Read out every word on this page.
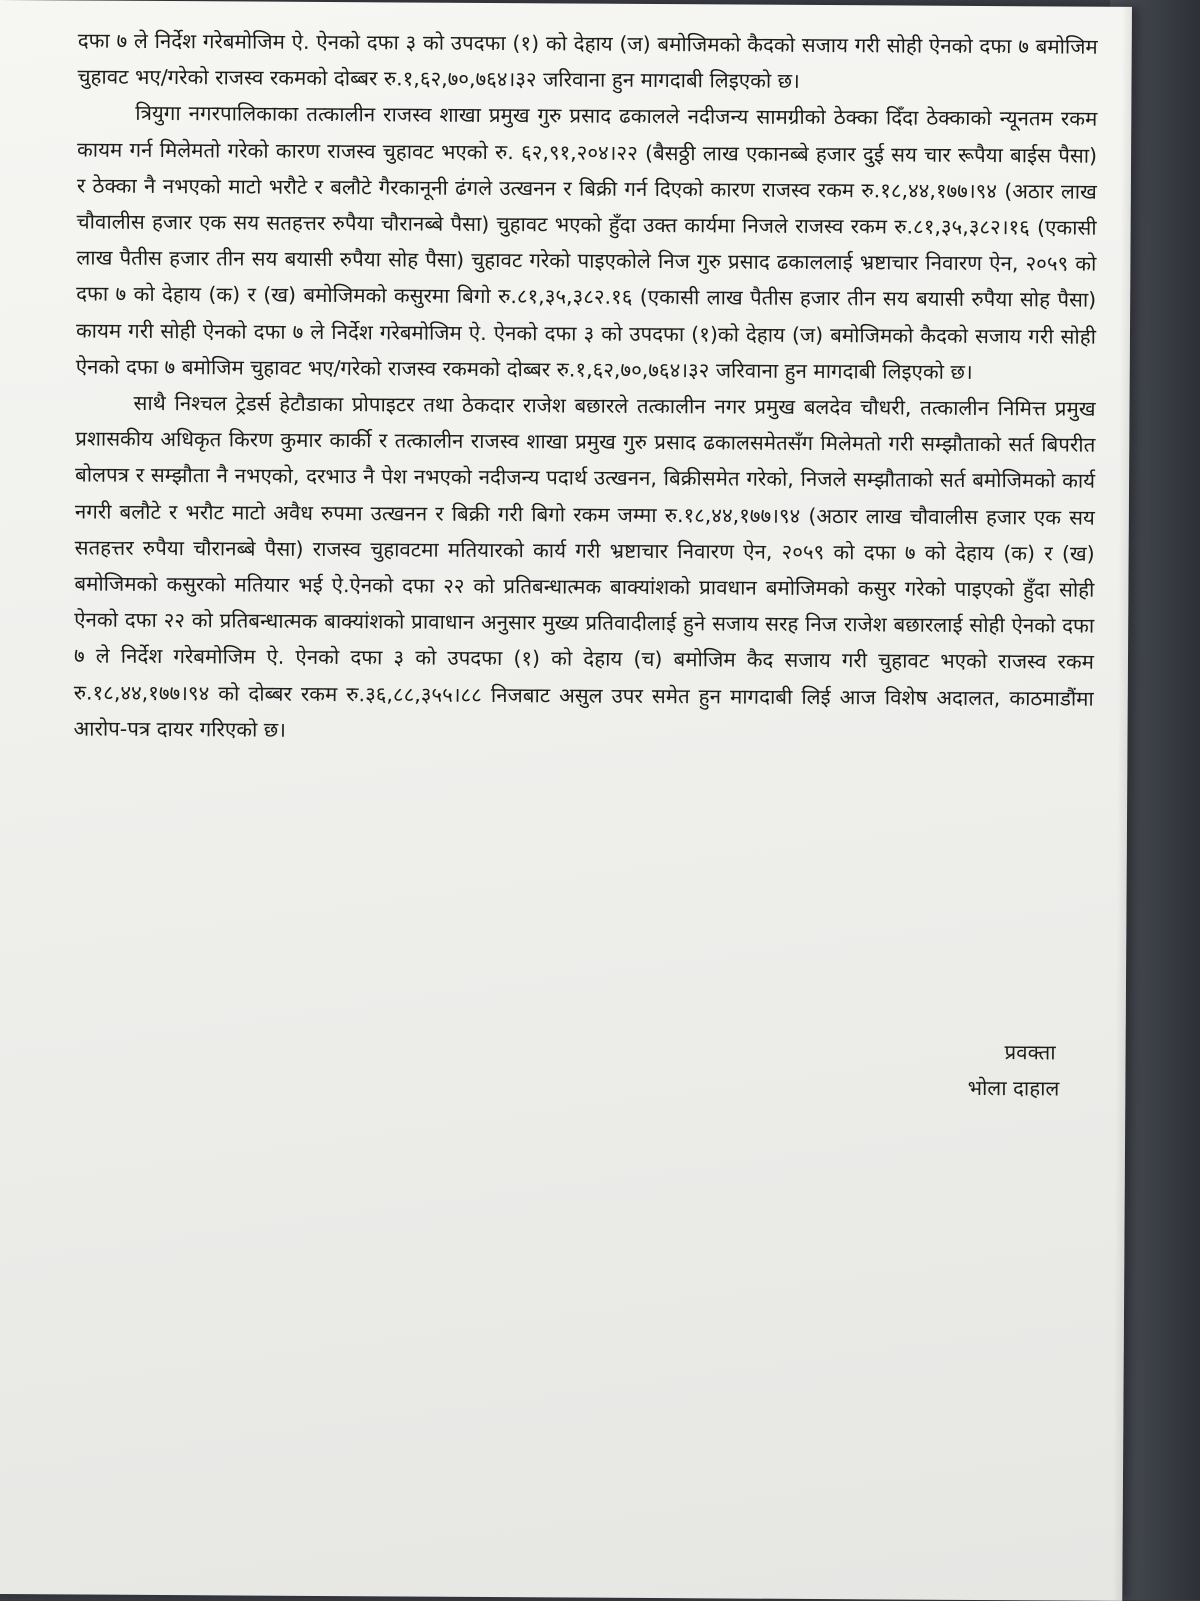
दफा ७ ले निर्देश गरेबमोजिम ऐ. ऐनको दफा ३ को उपदफा (१) को देहाय (ज) बमोजिमको कैदको सजाय गरी सोही ऐनको दफा ७ बमोजिम चुहावट भए/गरेको राजस्व रकमको दोब्बर रु.१,६२,७०,७६४।३२ जरिवाना हुन मागदाबी लिइएको छ।

त्रियुगा नगरपालिकाका तत्कालीन राजस्व शाखा प्रमुख गुरु प्रसाद ढकालले नदीजन्य सामग्रीको ठेक्का दिँदा ठेक्काको न्यूनतम रकम कायम गर्न मिलेमतो गरेको कारण राजस्व चुहावट भएको रु. ६२,९१,२०४।२२ (बैसठ्ठी लाख एकानब्बे हजार दुई सय चार रूपैया बाईस पैसा) र ठेक्का नै नभएको माटो भरौटे र बलौटे गैरकानूनी ढंगले उत्खनन र बिक्री गर्न दिएको कारण राजस्व रकम रु.१८,४४,१७७।९४ (अठार लाख चौवालीस हजार एक सय सतहत्तर रुपैया चौरानब्बे पैसा) चुहावट भएको हुँदा उक्त कार्यमा निजले राजस्व रकम रु.८१,३५,३८२।१६ (एकासी लाख पैतीस हजार तीन सय बयासी रुपैया सोह पैसा) चुहावट गरेको पाइएकोले निज गुरु प्रसाद ढकाललाई भ्रष्टाचार निवारण ऐन, २०५९ को दफा ७ को देहाय (क) र (ख) बमोजिमको कसुरमा बिगो रु.८१,३५,३८२.१६ (एकासी लाख पैतीस हजार तीन सय बयासी रुपैया सोह पैसा) कायम गरी सोही ऐनको दफा ७ ले निर्देश गरेबमोजिम ऐ. ऐनको दफा ३ को उपदफा (१)को देहाय (ज) बमोजिमको कैदको सजाय गरी सोही ऐनको दफा ७ बमोजिम चुहावट भए/गरेको राजस्व रकमको दोब्बर रु.१,६२,७०,७६४।३२ जरिवाना हुन मागदाबी लिइएको छ।

साथै निश्चल ट्रेडर्स हेटौडाका प्रोपाइटर तथा ठेकदार राजेश बछारले तत्कालीन नगर प्रमुख बलदेव चौधरी, तत्कालीन निमित्त प्रमुख प्रशासकीय अधिकृत किरण कुमार कार्की र तत्कालीन राजस्व शाखा प्रमुख गुरु प्रसाद ढकालसमेतसँग मिलेमतो गरी सम्झौताको सर्त बिपरीत बोलपत्र र सम्झौता नै नभएको, दरभाउ नै पेश नभएको नदीजन्य पदार्थ उत्खनन, बिक्रीसमेत गरेको, निजले सम्झौताको सर्त बमोजिमको कार्य नगरी बलौटे र भरौट माटो अवैध रुपमा उत्खनन र बिक्री गरी बिगो रकम जम्मा रु.१८,४४,१७७।९४ (अठार लाख चौवालीस हजार एक सय सतहत्तर रुपैया चौरानब्बे पैसा) राजस्व चुहावटमा मतियारको कार्य गरी भ्रष्टाचार निवारण ऐन, २०५९ को दफा ७ को देहाय (क) र (ख) बमोजिमको कसुरको मतियार भई ऐ.ऐनको दफा २२ को प्रतिबन्धात्मक बाक्यांशको प्रावधान बमोजिमको कसुर गरेको पाइएको हुँदा सोही ऐनको दफा २२ को प्रतिबन्धात्मक बाक्यांशको प्रावाधान अनुसार मुख्य प्रतिवादीलाई हुने सजाय सरह निज राजेश बछारलाई सोही ऐनको दफा ७ ले निर्देश गरेबमोजिम ऐ. ऐनको दफा ३ को उपदफा (१) को देहाय (च) बमोजिम कैद सजाय गरी चुहावट भएको राजस्व रकम रु.१८,४४,१७७।९४ को दोब्बर रकम रु.३६,८८,३५५।८८ निजबाट असुल उपर समेत हुन मागदाबी लिई आज विशेष अदालत, काठमाडौंमा आरोप-पत्र दायर गरिएको छ।

प्रवक्ता
भोला दाहाल
